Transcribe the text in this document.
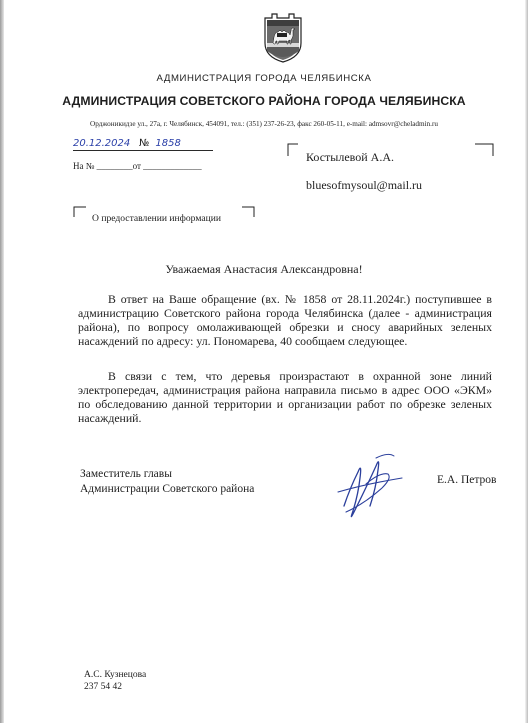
АДМИНИСТРАЦИЯ ГОРОДА ЧЕЛЯБИНСКА
АДМИНИСТРАЦИЯ СОВЕТСКОГО РАЙОНА ГОРОДА ЧЕЛЯБИНСКА
Орджоникидзе ул., 27а, г. Челябинск, 454091, тел.: (351) 237-26-23, факс 260-05-11, e-mail: admsovr@cheladmin.ru
20.12.2024 № 1858
На № ________от _____________
Костылевой А.А.
bluesofmysoul@mail.ru
О предоставлении информации
Уважаемая Анастасия Александровна!

В ответ на Ваше обращение (вх. № 1858 от 28.11.2024г.) поступившее в администрацию Советского района города Челябинска (далее - администрация района), по вопросу омолаживающей обрезки и сносу аварийных зеленых насаждений по адресу: ул. Пономарева, 40 сообщаем следующее.

В связи с тем, что деревья произрастают в охранной зоне линий электропередач, администрация района направила письмо в адрес ООО «ЭКМ» по обследованию данной территории и организации работ по обрезке зеленых насаждений.

Заместитель главы
Администрации Советского района
Е.А. Петров
А.С. Кузнецова
237 54 42
